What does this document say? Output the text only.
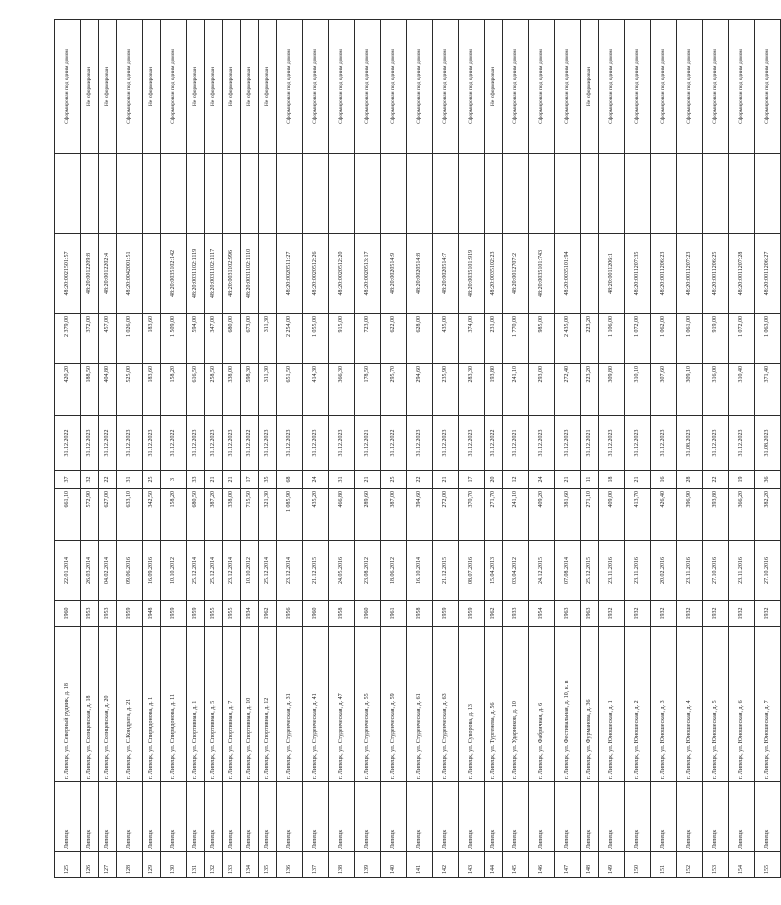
125	Липецк	г. Липецк, ул. Северный рудник, д. 18	1960	22.01.2014	661,10	37	31.12.2022	420,20	2 379,00	48:20:0021501:57		Сформирован под одним домом
126	Липецк	г. Липецк, ул. Солнцевская, д. 18	1953	26.03.2014	572,90	32	31.12.2023	188,50	372,00	48:20:0012209:8		Не сформирован
127	Липецк	г. Липецк, ул. Солнцевская, д. 20	1953	04.02.2014	627,00	22	31.12.2022	404,80	457,00	48:20:0012202:4		Не сформирован
128	Липецк	г. Липецк, ул. С.Кондрата, д. 21	1959	09.06.2016	633,10	31	31.12.2023	525,00	1 026,00	48:20:0042001:51		Сформирован под одним домом
129	Липецк	г. Липецк, ул. Спиридонова, д. 1	1948	16.09.2016	342,50	25	31.12.2023	183,60	183,60			Не сформирован
130	Липецк	г. Липецк, ул. Спиридонова, д. 11	1959	10.10.2012	158,20	3	31.12.2022	158,20	1 509,00	48:20:0035102:142		Сформирован под одним домом
131	Липецк	г. Липецк, ул. Спортивная, д. 1	1959	25.12.2014	680,50	33	31.12.2023	616,50	594,00	48:20:0031102:1119		Не сформирован
132	Липецк	г. Липецк, ул. Спортивная, д. 5	1955	25.12.2014	387,20	21	31.12.2023	258,50	347,00	48:20:0031102:1117		Не сформирован
133	Липецк	г. Липецк, ул. Спортивная, д. 7	1955	23.12.2014	338,00	21	31.12.2023	338,00	680,00	48:20:0031102:996		Не сформирован
134	Липецк	г. Липецк, ул. Спортивная, д. 10	1934	10.10.2012	715,50	17	31.12.2022	598,30	673,00	48:20:0031102:1110		Не сформирован
135	Липецк	г. Липецк, ул. Спортивная, д. 12	1962	25.12.2014	321,30	35	31.12.2023	311,30	311,30			Не сформирован
136	Липецк	г. Липецк, ул. Студенческая, д. 31	1956	23.12.2014	1 085,90	68	31.12.2023	651,50	2 254,00	48:20:0020511:27		Сформирован под одним домом
137	Липецк	г. Липецк, ул. Студенческая, д. 41	1960	21.12.2015	435,20	24	31.12.2023	414,30	1 055,00	48:20:0020512:26		Сформирован под одним домом
138	Липецк	г. Липецк, ул. Студенческая, д. 47	1958	24.05.2016	466,80	31	31.12.2023	366,30	915,00	48:20:0020512:20		Сформирован под одним домом
139	Липецк	г. Липецк, ул. Студенческая, д. 55	1960	23.08.2012	289,60	21	31.12.2021	178,50	723,00	48:20:0020513:17		Сформирован под одним домом
140	Липецк	г. Липецк, ул. Студенческая, д. 59	1961	18.06.2012	387,00	25	31.12.2022	295,70	622,00	48:20:0020514:9		Сформирован под одним домом
141	Липецк	г. Липецк, ул. Студенческая, д. 61	1958	16.10.2014	394,60	22	31.12.2023	294,60	628,00	48:20:0020514:8		Сформирован под одним домом
142	Липецк	г. Липецк, ул. Студенческая, д. 63	1959	21.12.2015	272,00	21	31.12.2023	235,90	435,00	48:20:0020514:7		Сформирован под одним домом
143	Липецк	г. Липецк, ул. Суворова, д. 13	1959	08.07.2016	370,70	17	31.12.2023	283,30	374,00	48:20:0035101:919		Сформирован под одним домом
144	Липецк	г. Липецк, ул. Тургенева, д. 56	1962	15.04.2013	271,70	20	31.12.2022	193,80	231,00	48:20:0035102:23		Не сформирован
145	Липецк	г. Липецк, ул. Ударников, д. 10	1933	03.04.2012	241,10	12	31.12.2021	241,10	1 770,00	48:20:0012707:2		Сформирован под одним домом
146	Липецк	г. Липецк, ул. Фабричная, д. 6	1954	24.12.2015	409,20	24	31.12.2023	293,00	985,00	48:20:0035101:743		Сформирован под одним домом
147	Липецк	г. Липецк, ул. Фестивальная, д. 10, к. в	1963	07.08.2014	381,60	21	31.12.2023	272,40	2 435,00	48:20:0035101:94		Сформирован под одним домом
148	Липецк	г. Липецк, ул. Фурманова, д. 36	1963	25.12.2015	271,10	11	31.12.2021	223,20	223,20			Не сформирован
149	Липецк	г. Липецк, ул. Юношеская, д. 1	1932	23.11.2016	409,00	18	31.12.2023	309,80	1 106,00	48:20:0011206:1		Сформирован под одним домом
150	Липецк	г. Липецк, ул. Юношеская, д. 2	1932	23.11.2016	413,70	21	31.12.2023	310,10	1 072,00	48:20:0011207:35		Сформирован под одним домом
151	Липецк	г. Липецк, ул. Юношеская, д. 3	1932	20.02.2016	426,40	16	31.12.2023	307,60	1 062,00	48:20:0011206:23		Сформирован под одним домом
152	Липецк	г. Липецк, ул. Юношеская, д. 4	1932	23.11.2016	396,90	28	31.08.2023	309,10	1 061,00	48:20:0011207:23		Сформирован под одним домом
153	Липецк	г. Липецк, ул. Юношеская, д. 5	1932	27.10.2016	393,80	22	31.12.2023	316,00	919,00	48:20:0011206:25		Сформирован под одним домом
154	Липецк	г. Липецк, ул. Юношеская, д. 6	1932	23.11.2016	366,20	19	31.12.2023	310,40	1 072,00	48:20:0011207:28		Сформирован под одним домом
155	Липецк	г. Липецк, ул. Юношеская, д. 7	1932	27.10.2016	382,20	36	31.08.2023	371,40	1 063,00	48:20:0011206:27		Сформирован под одним домом
